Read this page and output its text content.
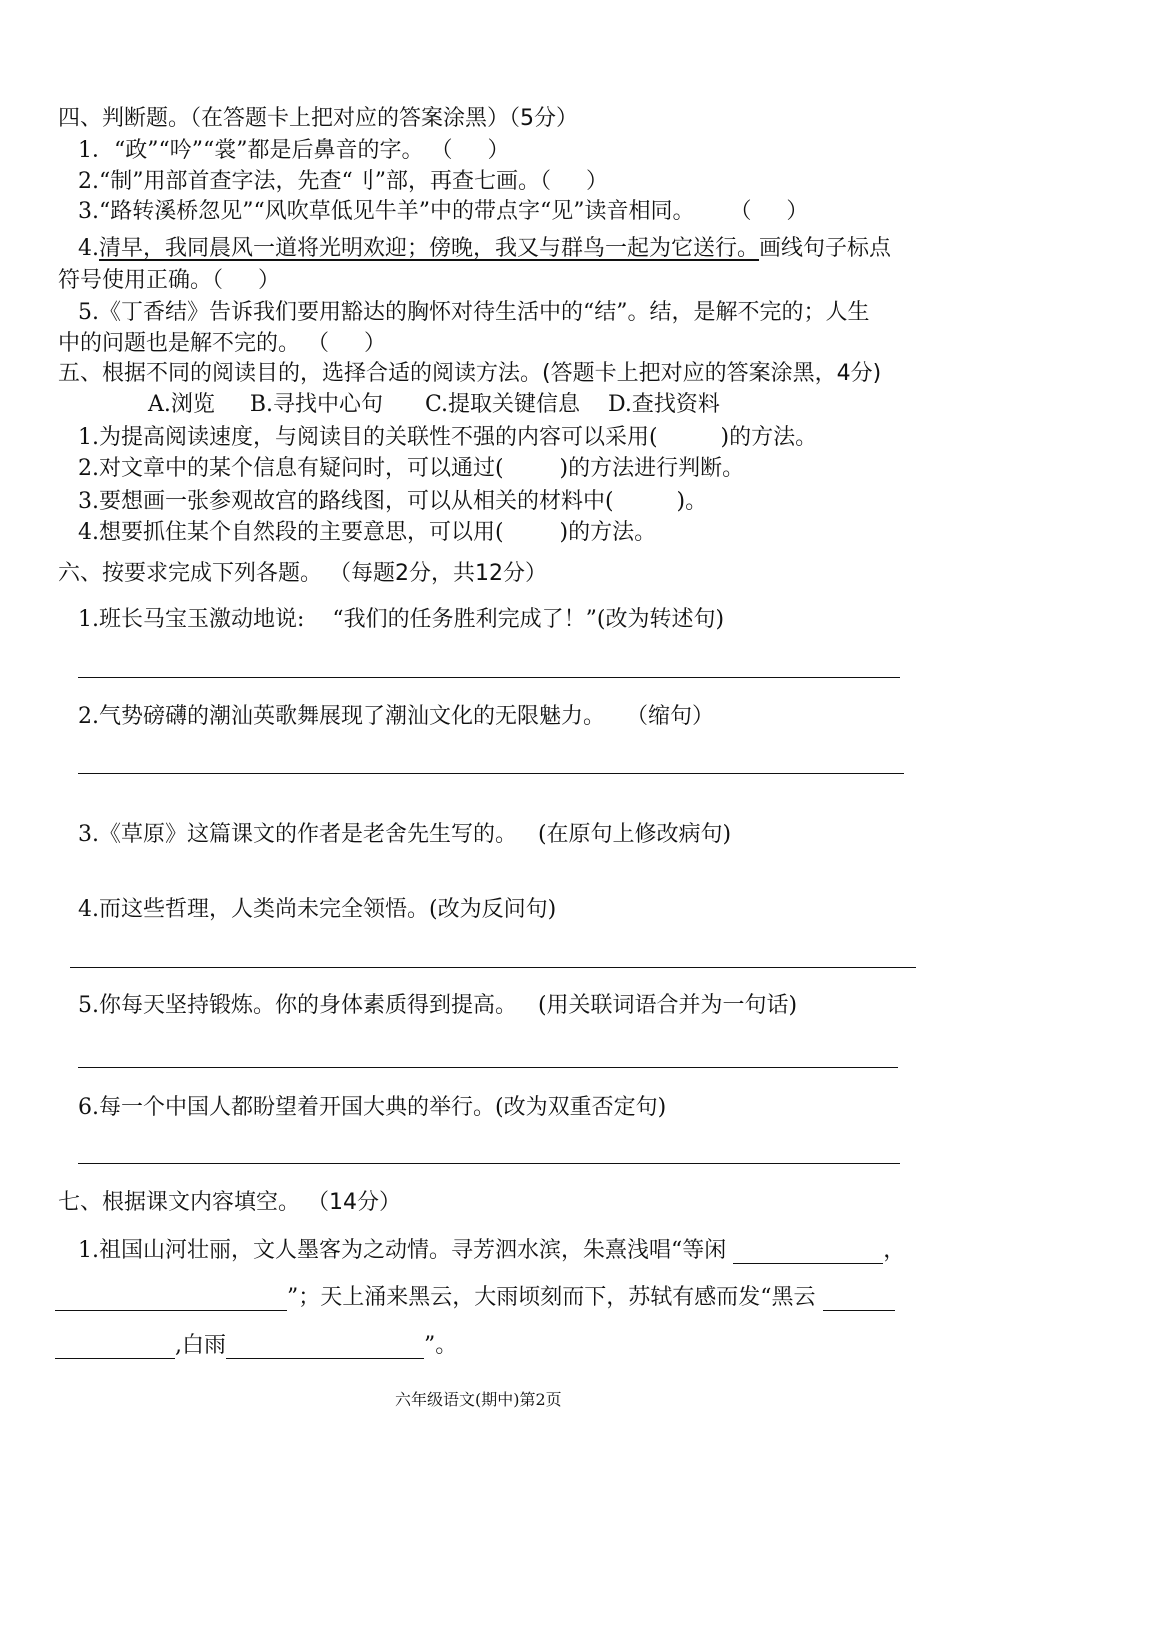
四、判断题。（在答题卡上把对应的答案涂黑）（5分）
1．“政”“吟”“裳”都是后鼻音的字。 （     ）
2.“制”用部首查字法，先查“刂”部，再查七画。（     ）
3.“路转溪桥忽见”“风吹草低见牛羊”中的带点字“见”读音相同。     （     ）
4.清早，我同晨风一道将光明欢迎；傍晚，我又与群鸟一起为它送行。画线句子标点
符号使用正确。（     ）
5.《丁香结》告诉我们要用豁达的胸怀对待生活中的“结”。结，是解不完的；人生
中的问题也是解不完的。 （     ）
五、根据不同的阅读目的，选择合适的阅读方法。(答题卡上把对应的答案涂黑，4分)
A.浏览     B.寻找中心句      C.提取关键信息    D.查找资料
1.为提高阅读速度，与阅读目的关联性不强的内容可以采用(         )的方法。
2.对文章中的某个信息有疑问时，可以通过(        )的方法进行判断。
3.要想画一张参观故宫的路线图，可以从相关的材料中(         )。
4.想要抓住某个自然段的主要意思，可以用(        )的方法。
六、按要求完成下列各题。 （每题2分，共12分）
1.班长马宝玉激动地说:    “我们的任务胜利完成了！”(改为转述句)
2.气势磅礴的潮汕英歌舞展现了潮汕文化的无限魅力。   （缩句）
3.《草原》这篇课文的作者是老舍先生写的。   (在原句上修改病句)
4.而这些哲理，人类尚未完全领悟。(改为反问句)
5.你每天坚持锻炼。你的身体素质得到提高。   (用关联词语合并为一句话)
6.每一个中国人都盼望着开国大典的举行。(改为双重否定句)
七、根据课文内容填空。 （14分）
1.祖国山河壮丽，文人墨客为之动情。寻芳泗水滨，朱熹浅唱“等闲	，
”；天上涌来黑云，大雨顷刻而下，苏轼有感而发“黑云
,白雨	”。
六年级语文(期中)第2页
